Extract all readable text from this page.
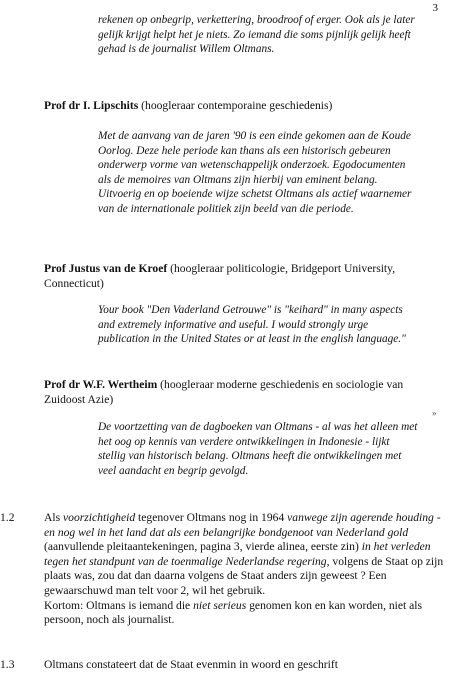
3
rekenen op onbegrip, verkettering, broodroof of erger. Ook als je later gelijk krijgt helpt het je niets. Zo iemand die soms pijnlijk gelijk heeft gehad is de journalist Willem Oltmans.
Prof dr I. Lipschits (hoogleraar contemporaine geschiedenis)
Met de aanvang van de jaren '90 is een einde gekomen aan de Koude Oorlog. Deze hele periode kan thans als een historisch gebeuren onderwerp vorme van wetenschappelijk onderzoek. Egodocumenten als de memoires van Oltmans zijn hierbij van eminent belang. Uitvoerig en op boeiende wijze schetst Oltmans als actief waarnemer van de internationale politiek zijn beeld van die periode.
Prof Justus van de Kroef (hoogleraar politicologie, Bridgeport University, Connecticut)
Your book "Den Vaderland Getrouwe" is "keihard" in many aspects and extremely informative and useful. I would strongly urge publication in the United States or at least in the english language."
Prof dr W.F. Wertheim (hoogleraar moderne geschiedenis en sociologie van Zuidoost Azie)
»
De voortzetting van de dagboeken van Oltmans - al was het alleen met het oog op kennis van verdere ontwikkelingen in Indonesie - lijkt stellig van historisch belang. Oltmans heeft die ontwikkelingen met veel aandacht en begrip gevolgd.
1.2	Als voorzichtigheid tegenover Oltmans nog in 1964 vanwege zijn agerende houding - en nog wel in het land dat als een belangrijke bondgenoot van Nederland gold (aanvullende pleitaantekeningen, pagina 3, vierde alinea, eerste zin) in het verleden tegen het standpunt van de toenmalige Nederlandse regering, volgens de Staat op zijn plaats was, zou dat dan daarna volgens de Staat anders zijn geweest ? Een gewaarschuwd man telt voor 2, wil het gebruik.
Kortom: Oltmans is iemand die niet serieus genomen kon en kan worden, niet als persoon, noch als journalist.
1.3	Oltmans constateert dat de Staat evenmin in woord en geschrift
